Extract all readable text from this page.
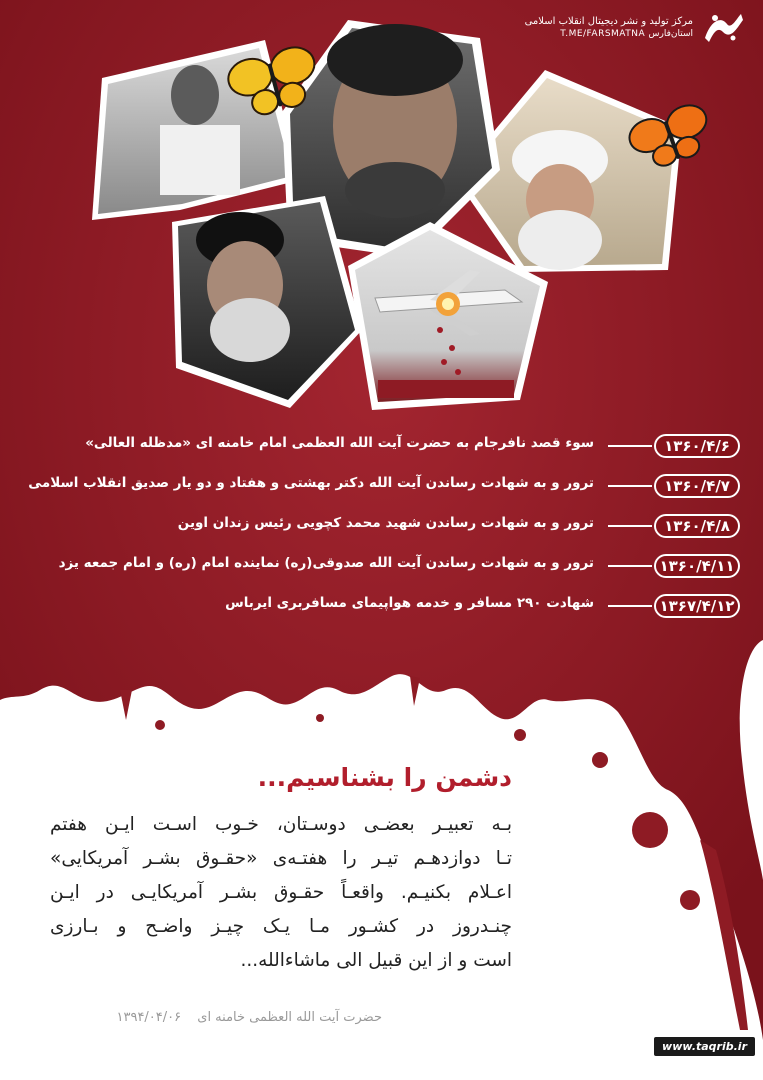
مرکز تولید و نشر دیجیتال انقلاب اسلامی
T.ME/FARSMATNA استان‌فارس
۱۳۶۰/۴/۶
سوء قصد نافرجام به حضرت آیت الله العظمی امام خامنه ای «مدظله العالی»
۱۳۶۰/۴/۷
ترور و به شهادت رساندن آیت الله دکتر بهشتی و هفتاد و دو یار صدیق انقلاب اسلامی
۱۳۶۰/۴/۸
ترور و به شهادت رساندن شهید محمد کچویی رئیس زندان اوین
۱۳۶۰/۴/۱۱
ترور و به شهادت رساندن آیت الله صدوقی(ره) نماینده امام (ره) و امام جمعه یزد
۱۳۶۷/۴/۱۲
شهادت ۲۹۰ مسافر و خدمه هواپیمای مسافربری ایرباس
دشمن را بشناسیم...
بـه تعبیـر بعضـی دوسـتان، خـوب اسـت ایـن هفتم
تـا دوازدهـم تیـر را هفتـه‌ی «حقـوق بشـر آمریکایی»
اعـلام بکنیـم. واقعـاً حقـوق بشـر آمریکایـی در ایـن
چنـدروز در کشـور مـا یـک چیـز واضـح و بـارزی
است و از این قبیل الی ماشاءالله...
حضرت آیت الله العظمی خامنه ای ۱۳۹۴/۰۴/۰۶
www.taqrib.ir
